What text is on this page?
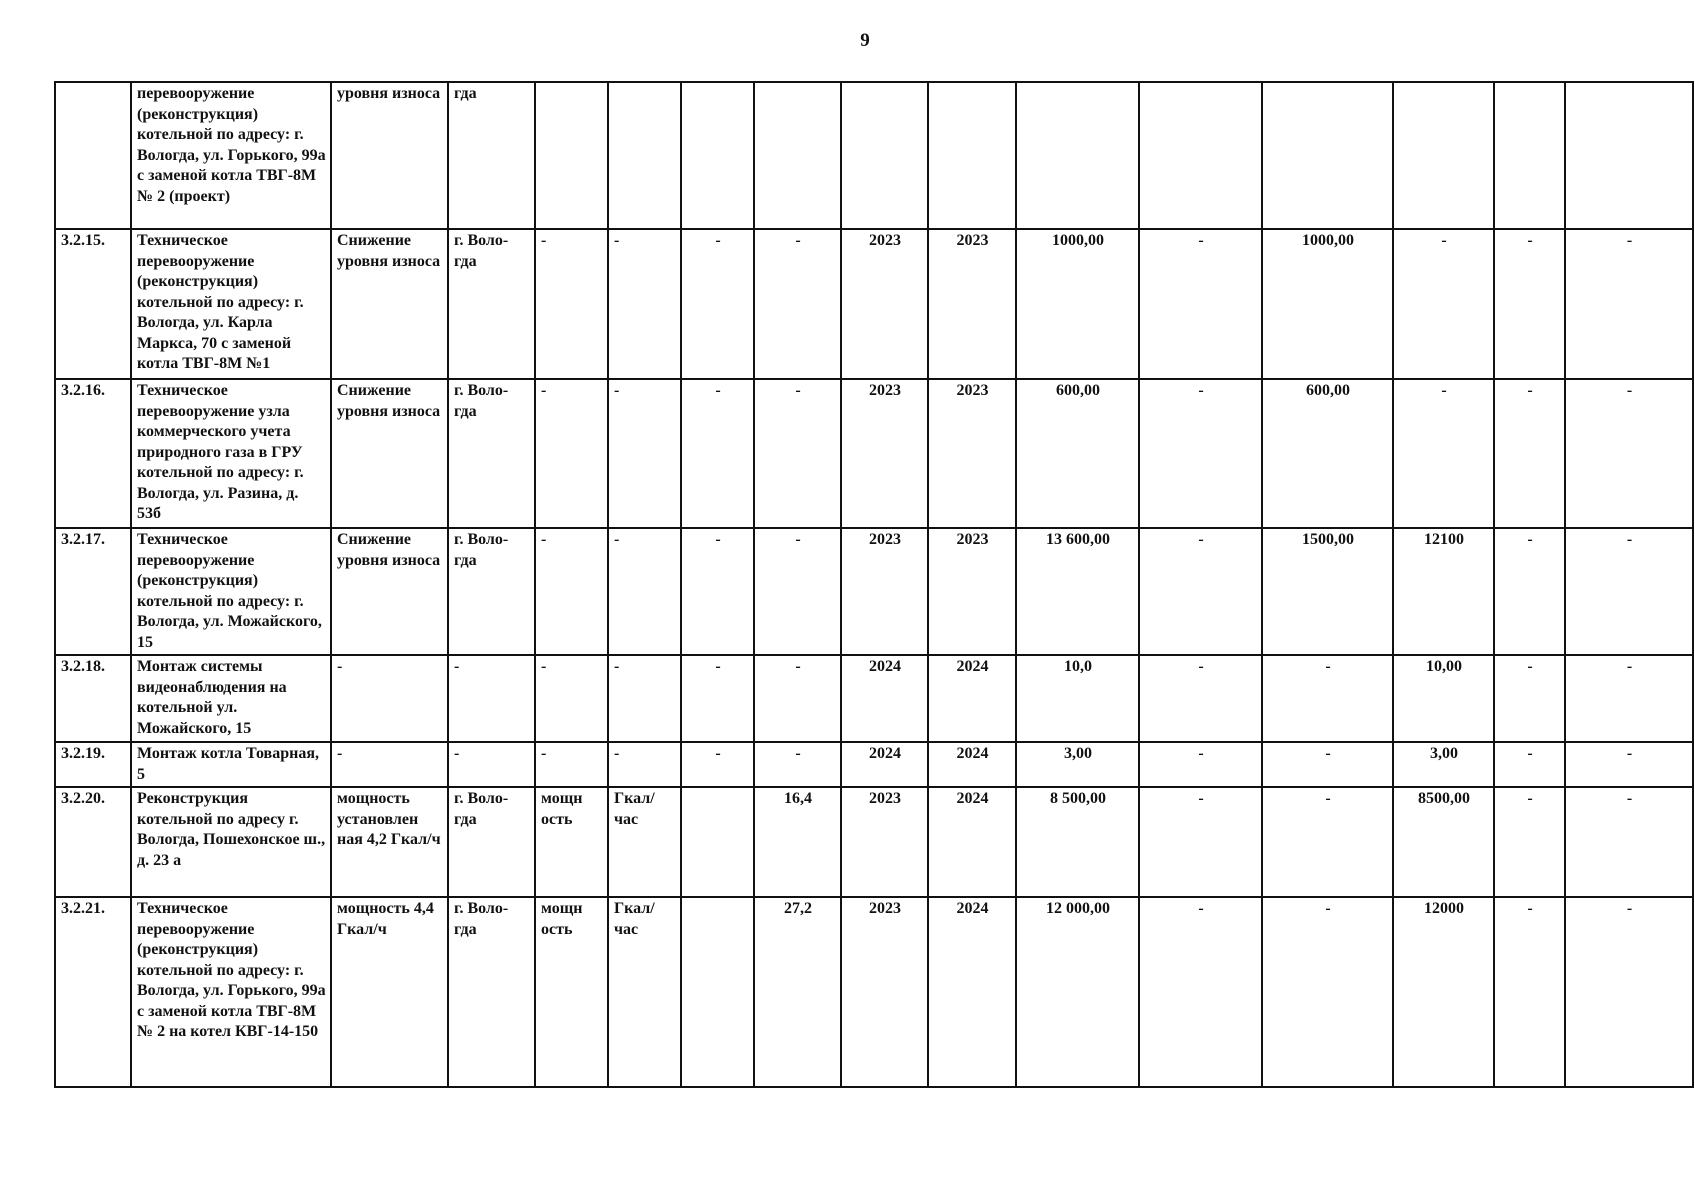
9
	перевооружение (реконструкция) котельной по адресу: г. Вологда, ул. Горького, 99а с заменой котла ТВГ-8М № 2 (проект)	уровня износа	гда												
3.2.15.	Техническое перевооружение (реконструкция) котельной по адресу: г. Вологда, ул. Карла Маркса, 70 с заменой котла ТВГ-8М №1	Снижение уровня износа	г. Воло-гда	-	-	-	-	2023	2023	1000,00	-	1000,00	-	-	-
3.2.16.	Техническое перевооружение узла коммерческого учета природного газа в ГРУ котельной по адресу: г. Вологда, ул. Разина, д. 53б	Снижение уровня износа	г. Воло-гда	-	-	-	-	2023	2023	600,00	-	600,00	-	-	-
3.2.17.	Техническое перевооружение (реконструкция) котельной по адресу: г. Вологда, ул. Можайского, 15	Снижение уровня износа	г. Воло-гда	-	-	-	-	2023	2023	13 600,00	-	1500,00	12100	-	-
3.2.18.	Монтаж системы видеонаблюдения на котельной ул. Можайского, 15	-	-	-	-	-	-	2024	2024	10,0	-	-	10,00	-	-
3.2.19.	Монтаж котла Товарная, 5	-	-	-	-	-	-	2024	2024	3,00	-	-	3,00	-	-
3.2.20.	Реконструкция котельной по адресу г. Вологда, Пошехонское ш., д. 23 а	мощность установлен ная 4,2 Гкал/ч	г. Воло-гда	мощн ость	Гкал/ час		16,4	2023	2024	8 500,00	-	-	8500,00	-	-
3.2.21.	Техническое перевооружение (реконструкция) котельной по адресу: г. Вологда, ул. Горького, 99а с заменой котла ТВГ-8М № 2 на котел КВГ-14-150	мощность 4,4 Гкал/ч	г. Воло-гда	мощн ость	Гкал/ час		27,2	2023	2024	12 000,00	-	-	12000	-	-
